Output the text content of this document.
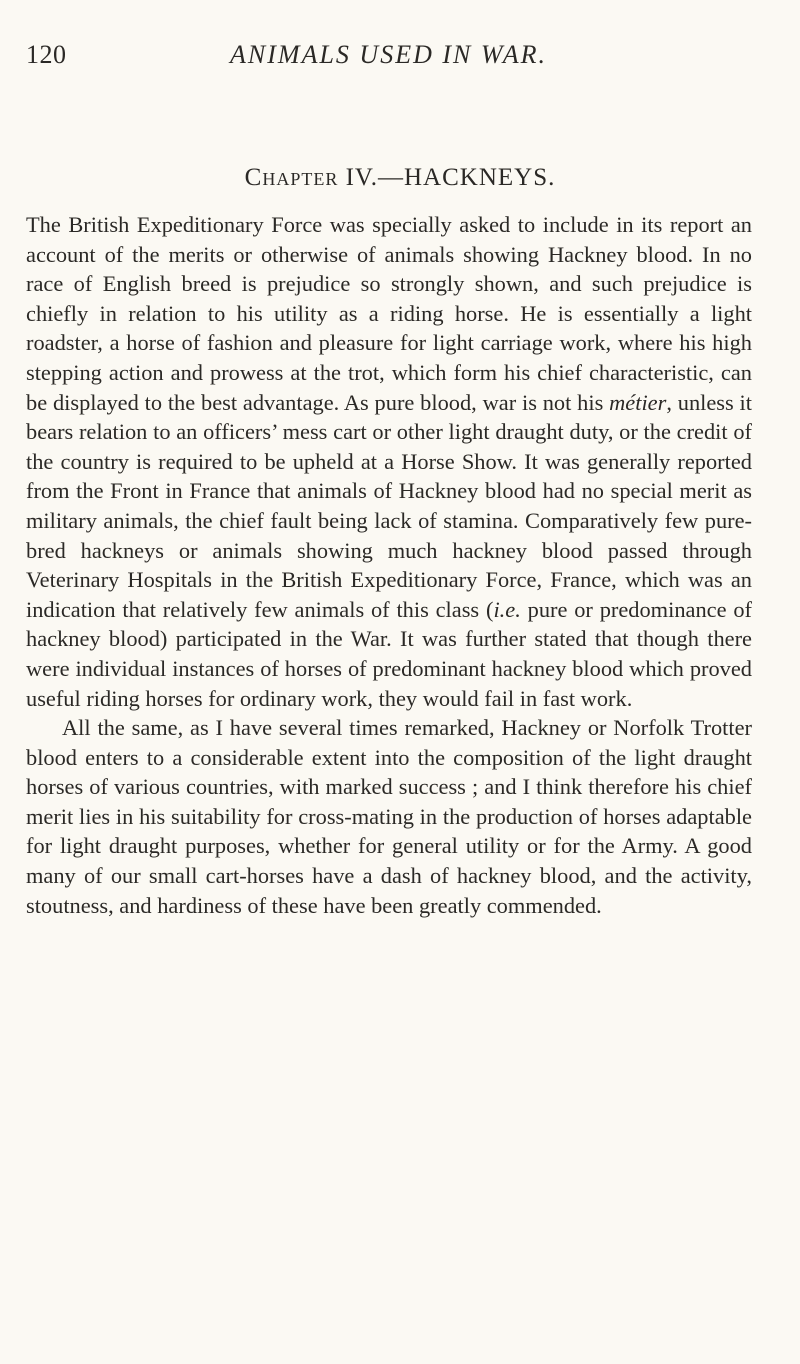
120	ANIMALS USED IN WAR.
Chapter IV.—HACKNEYS.

The British Expeditionary Force was specially asked to include in its report an account of the merits or otherwise of animals showing Hackney blood. In no race of English breed is prejudice so strongly shown, and such prejudice is chiefly in relation to his utility as a riding horse. He is essentially a light roadster, a horse of fashion and pleasure for light carriage work, where his high stepping action and prowess at the trot, which form his chief characteristic, can be displayed to the best advantage. As pure blood, war is not his métier, unless it bears relation to an officers’ mess cart or other light draught duty, or the credit of the country is required to be upheld at a Horse Show. It was generally reported from the Front in France that animals of Hackney blood had no special merit as military animals, the chief fault being lack of stamina. Comparatively few pure-bred hackneys or animals showing much hackney blood passed through Veterinary Hospitals in the British Expeditionary Force, France, which was an indication that relatively few animals of this class (i.e. pure or predominance of hackney blood) participated in the War. It was further stated that though there were individual instances of horses of predominant hackney blood which proved useful riding horses for ordinary work, they would fail in fast work.

All the same, as I have several times remarked, Hackney or Norfolk Trotter blood enters to a considerable extent into the composition of the light draught horses of various countries, with marked success ; and I think therefore his chief merit lies in his suitability for cross-mating in the production of horses adaptable for light draught purposes, whether for general utility or for the Army. A good many of our small cart-horses have a dash of hackney blood, and the activity, stoutness, and hardiness of these have been greatly commended.
